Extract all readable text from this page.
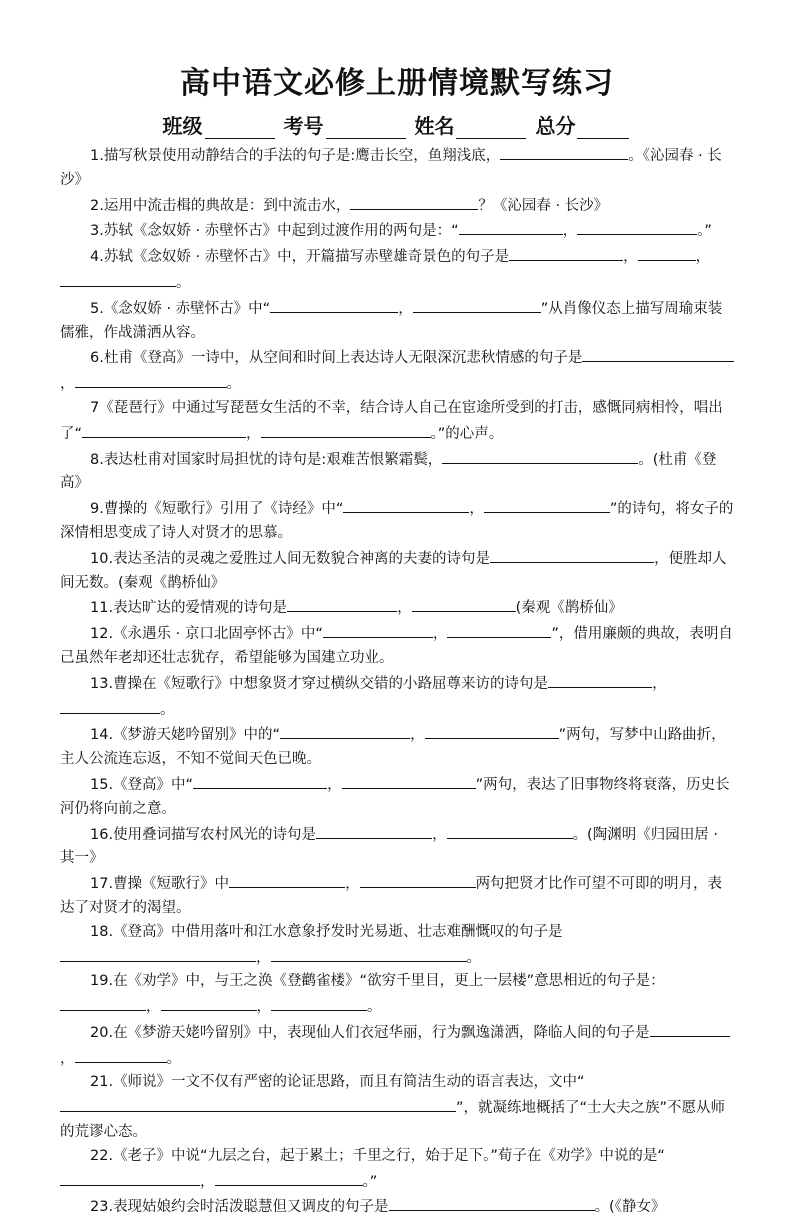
高中语文必修上册情境默写练习
班级	考号	姓名	总分

1.描写秋景使用动静结合的手法的句子是:鹰击长空，鱼翔浅底，	。《沁园春 · 长沙》

2.运用中流击楫的典故是：到中流击水，	？《沁园春 · 长沙》

3.苏轼《念奴娇 · 赤壁怀古》中起到过渡作用的两句是：“	，	。”

4.苏轼《念奴娇 · 赤壁怀古》中，开篇描写赤壁雄奇景色的句子是	，	，。

5.《念奴娇 · 赤壁怀古》中“	，	”从肖像仪态上描写周瑜束装儒雅，作战潇洒从容。

6.杜甫《登高》一诗中，从空间和时间上表达诗人无限深沉悲秋情感的句子是，	。

7《琵琶行》中通过写琵琶女生活的不幸，结合诗人自己在宦途所受到的打击，感慨同病相怜，唱出了“	，	。”的心声。

8.表达杜甫对国家时局担忧的诗句是:艰难苦恨繁霜鬓，	。(杜甫《登高》

9.曹操的《短歌行》引用了《诗经》中“	，	”的诗句，将女子的深情相思变成了诗人对贤才的思慕。

10.表达圣洁的灵魂之爱胜过人间无数貌合神离的夫妻的诗句是	，便胜却人间无数。(秦观《鹊桥仙》

11.表达旷达的爱情观的诗句是	，	(秦观《鹊桥仙》

12.《永遇乐 · 京口北固亭怀古》中“	，	”，借用廉颇的典故，表明自己虽然年老却还壮志犹存，希望能够为国建立功业。

13.曹操在《短歌行》中想象贤才穿过横纵交错的小路屈尊来访的诗句是	，。

14.《梦游天姥吟留别》中的“	，	”两句，写梦中山路曲折，主人公流连忘返，不知不觉间天色已晚。

15.《登高》中“	，	”两句，表达了旧事物终将衰落，历史长河仍将向前之意。

16.使用叠词描写农村风光的诗句是	，	。(陶渊明《归园田居 · 其一》

17.曹操《短歌行》中	，	两句把贤才比作可望不可即的明月，表达了对贤才的渴望。

18.《登高》中借用落叶和江水意象抒发时光易逝、壮志难酬慨叹的句子是，	。

19.在《劝学》中，与王之涣《登鹳雀楼》“欲穷千里目，更上一层楼”意思相近的句子是：，	，	。

20.在《梦游天姥吟留别》中，表现仙人们衣冠华丽，行为飘逸潇洒，降临人间的句子是，	。

21.《师说》一文不仅有严密的论证思路，而且有简洁生动的语言表达，文中“”，就凝练地概括了“士大夫之族”不愿从师的荒谬心态。

22.《老子》中说“九层之台，起于累土；千里之行，始于足下。”荀子在《劝学》中说的是“，	。”

23.表现姑娘约会时活泼聪慧但又调皮的句子是	。(《静女》
